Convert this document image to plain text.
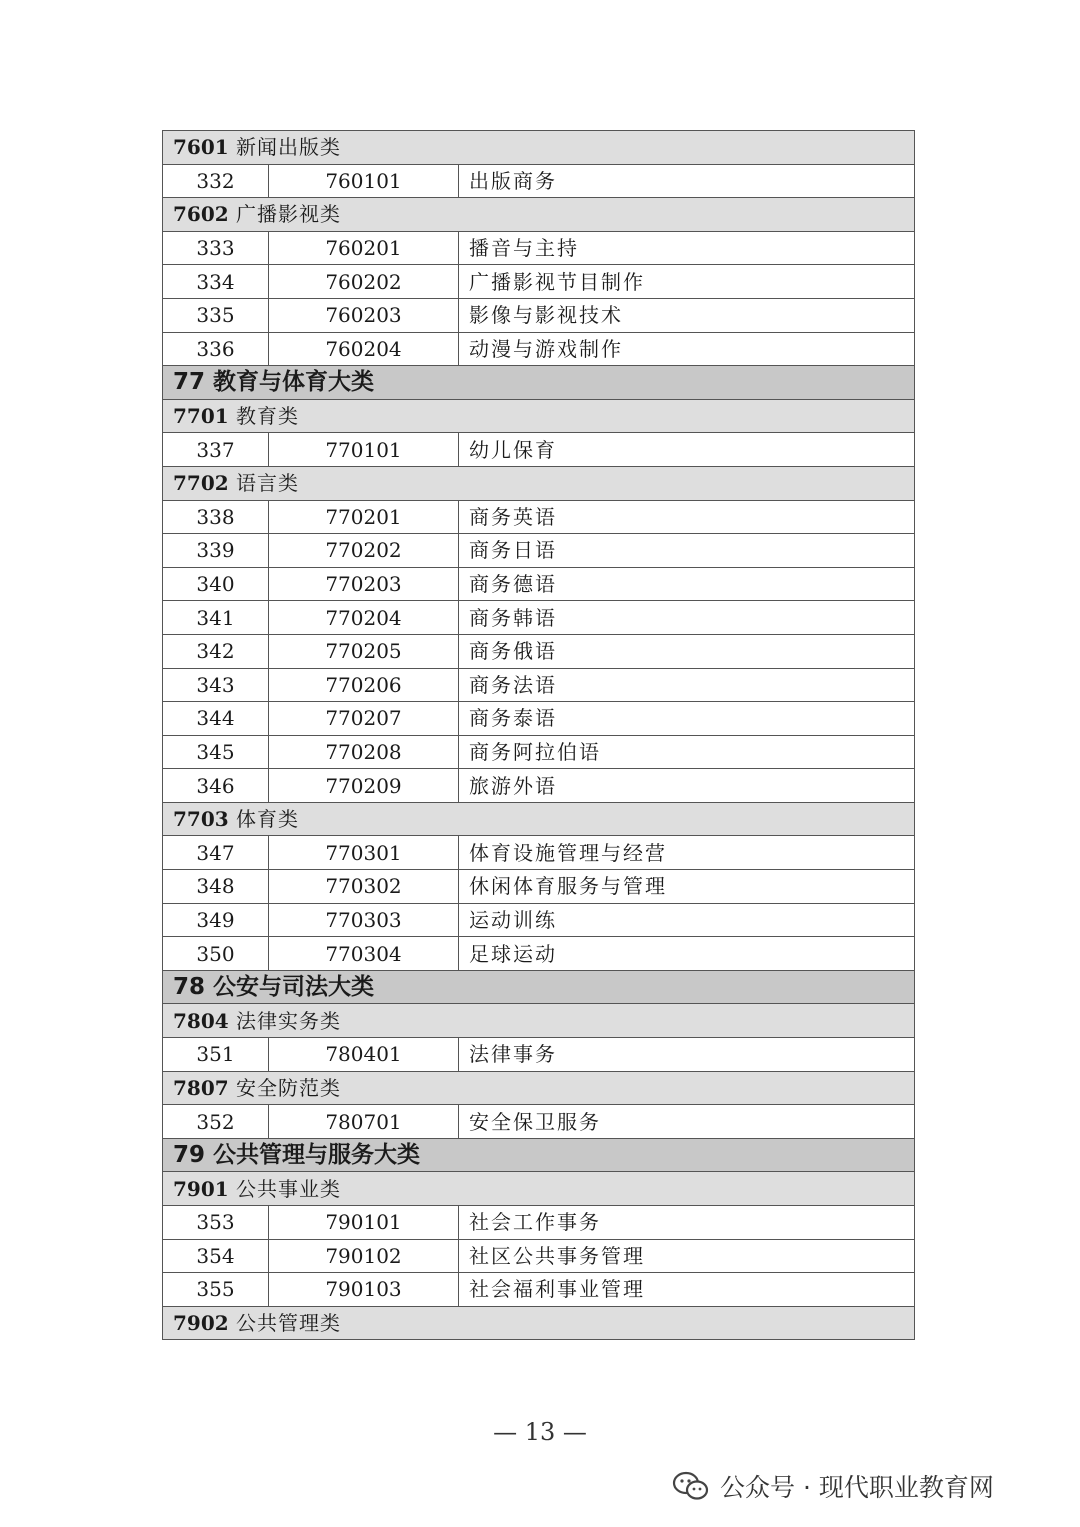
7601 新闻出版类		
332	760101	出版商务
7602 广播影视类		
333	760201	播音与主持
334	760202	广播影视节目制作
335	760203	影像与影视技术
336	760204	动漫与游戏制作
77 教育与体育大类		
7701 教育类		
337	770101	幼儿保育
7702 语言类		
338	770201	商务英语
339	770202	商务日语
340	770203	商务德语
341	770204	商务韩语
342	770205	商务俄语
343	770206	商务法语
344	770207	商务泰语
345	770208	商务阿拉伯语
346	770209	旅游外语
7703 体育类		
347	770301	体育设施管理与经营
348	770302	休闲体育服务与管理
349	770303	运动训练
350	770304	足球运动
78 公安与司法大类		
7804 法律实务类		
351	780401	法律事务
7807 安全防范类		
352	780701	安全保卫服务
79 公共管理与服务大类		
7901 公共事业类		
353	790101	社会工作事务
354	790102	社区公共事务管理
355	790103	社会福利事业管理
7902 公共管理类		
— 13 —
公众号 · 现代职业教育网
